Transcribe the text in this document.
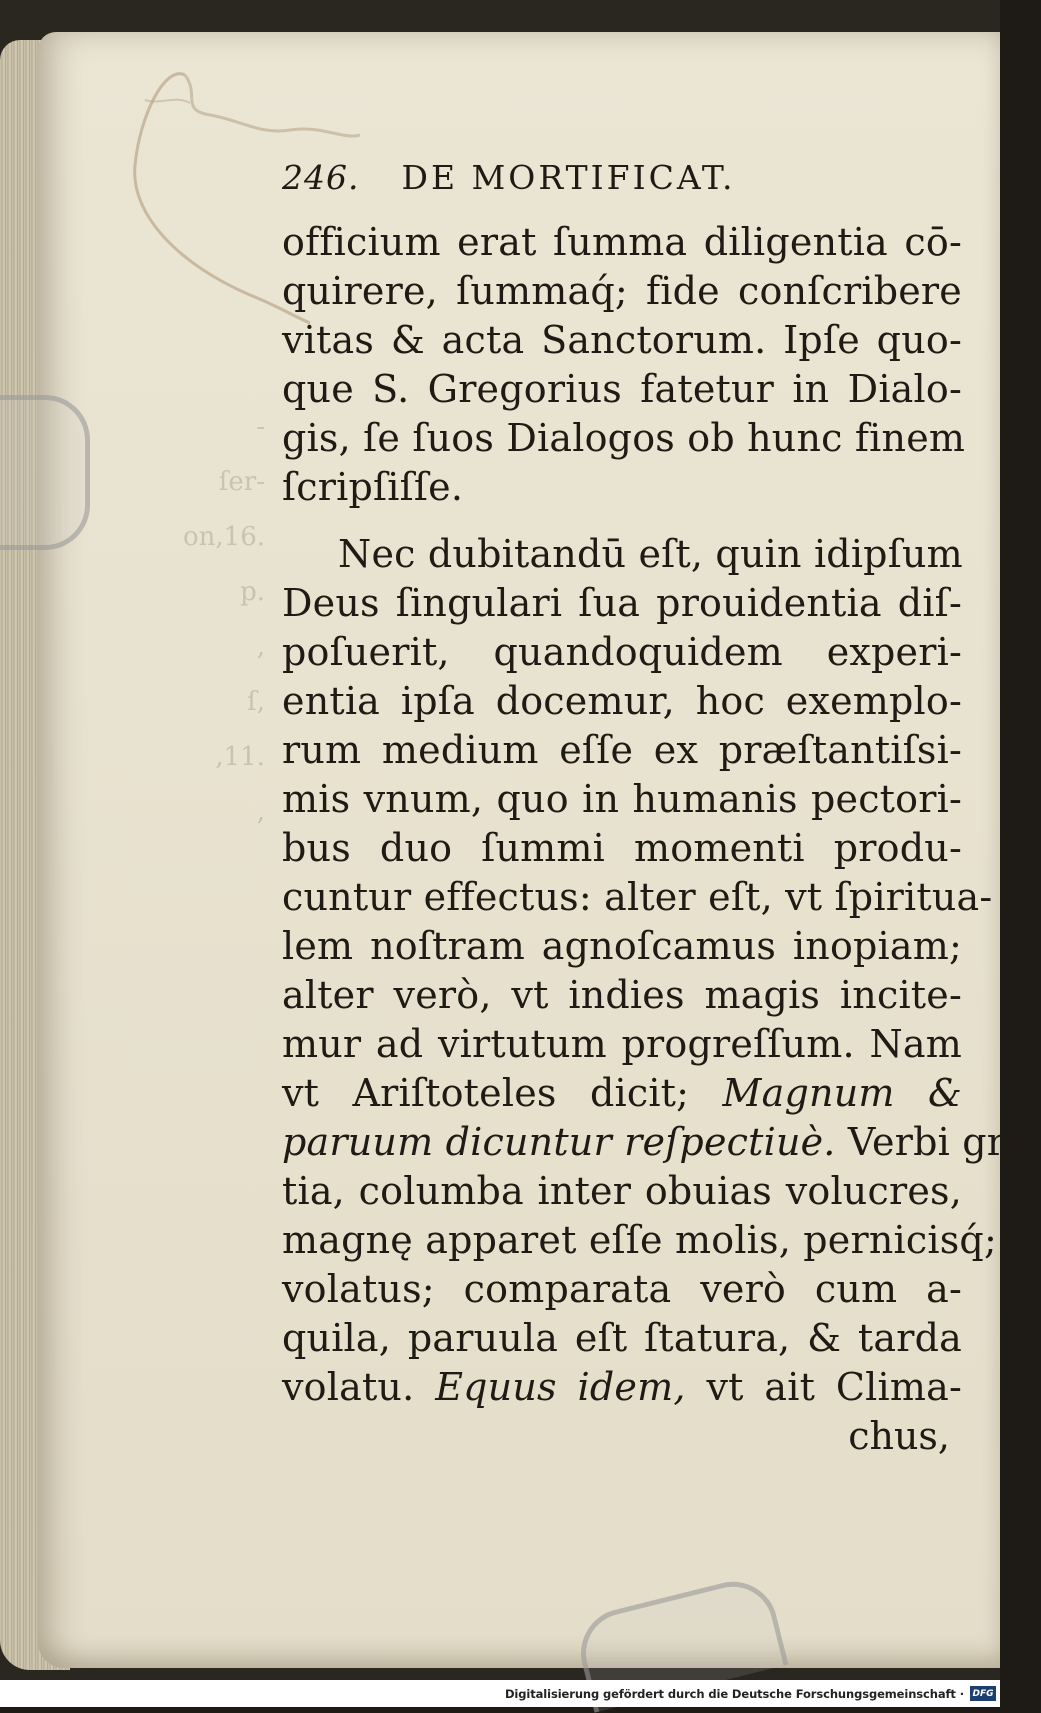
-
ſer-
on,16.
p.
,
ſ,
,11.
,
246. DE MORTIFICAT.
officium erat ſumma diligentia cō-
quirere, ſummaq́; fide conſcribere
vitas & acta Sanctorum. Ipſe quo-
que S. Gregorius fatetur in Dialo-
gis, ſe ſuos Dialogos ob hunc finem
ſcripſiſſe.
Nec dubitandū eſt, quin idipſum
Deus ſingulari ſua prouidentia diſ-
poſuerit, quandoquidem experi-
entia ipſa docemur, hoc exemplo-
rum medium eſſe ex præſtantiſsi-
mis vnum, quo in humanis pectori-
bus duo ſummi momenti produ-
cuntur effectus: alter eſt, vt ſpiritua-
lem noſtram agnoſcamus inopiam;
alter verò, vt indies magis incite-
mur ad virtutum progreſſum. Nam
vt Ariſtoteles dicit; Magnum &
paruum dicuntur reſpectiuè. Verbi gra-
tia, columba inter obuias volucres,
magnę apparet eſſe molis, pernicisq́;
volatus; comparata verò cum a-
quila, paruula eſt ſtatura, & tarda
volatu. Equus idem, vt ait Clima-
chus,
Digitalisierung gefördert durch die Deutsche Forschungsgemeinschaft · DFG
